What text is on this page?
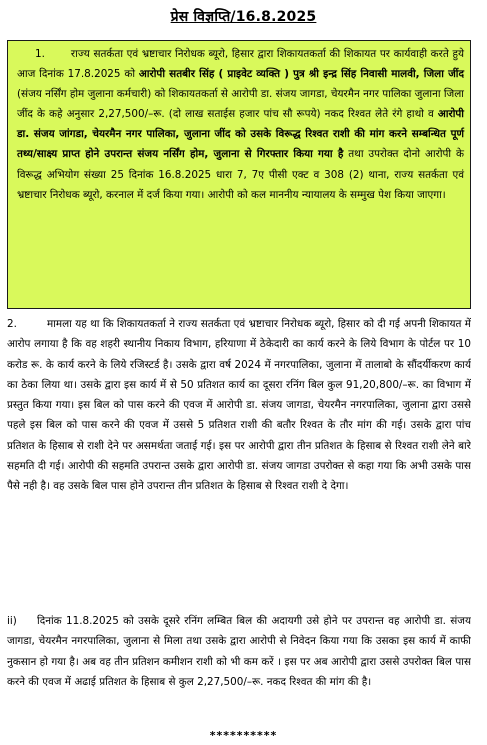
प्रेस विज्ञप्ति/16.8.2025
1.	राज्य सतर्कता एवं भ्रष्टाचार निरोधक ब्यूरो, हिसार द्वारा शिकायतकर्ता की शिकायत पर कार्यवाही करते हुये आज दिनांक 17.8.2025 को आरोपी सतबीर सिंह ( प्राइवेट व्यक्ति ) पुत्र श्री इन्द्र सिंह निवासी मालवी, जिला जींद (संजय नर्सिंग होम जुलाना कर्मचारी) को शिकायतकर्ता से आरोपी डा. संजय जागडा, चेयरमैन नगर पालिका जुलाना जिला जींद के कहे अनुसार 2,27,500/–रू. (दो लाख सताईस हजार पांच सौ रूपये) नकद रिश्वत लेते रंगे हाथो व आरोपी डा. संजय जांगडा, चेयरमैन नगर पालिका, जुलाना जींद को उसके विरूद्ध रिश्वत राशी की मांग करने सम्बन्धित पूर्ण तथ्य/साक्ष्य प्राप्त होने उपरान्त संजय नर्सिंग होम, जुलाना से गिरफ्तार किया गया है तथा उपरोक्त दोनो आरोपी के विरूद्ध अभियोग संख्या 25 दिनांक 16.8.2025 धारा 7, 7ए पीसी एक्ट व 308 (2) थाना, राज्य सतर्कता एवं भ्रष्टाचार निरोधक ब्यूरो, करनाल में दर्ज किया गया। आरोपी को कल माननीय न्यायालय के सम्मुख पेश किया जाएगा।
2.	मामला यह था कि शिकायतकर्ता ने राज्य सतर्कता एवं भ्रष्टाचार निरोधक ब्यूरो, हिसार को दी गई अपनी शिकायत में आरोप लगाया है कि वह शहरी स्थानीय निकाय विभाग, हरियाणा में ठेकेदारी का कार्य करने के लिये विभाग के पोर्टल पर 10 करोड रू. के कार्य करने के लिये रजिस्टर्ड है। उसके द्वारा वर्ष 2024 में नगरपालिका, जुलाना में तालाबो के सौंदर्यीकरण कार्य का ठेका लिया था। उसके द्वारा इस कार्य में से 50 प्रतिशत कार्य का दूसरा रनिंग बिल कुल 91,20,800/–रू. का विभाग में प्रस्तुत किया गया। इस बिल को पास करने की एवज में आरोपी डा. संजय जागडा, चेयरमैन नगरपालिका, जुलाना द्वारा उससे पहले इस बिल को पास करने की एवज में उससे 5 प्रतिशत राशी की बतौर रिश्वत के तौर मांग की गई। उसके द्वारा पांच प्रतिशत के हिसाब से राशी देने पर असमर्थता जताई गई। इस पर आरोपी द्वारा तीन प्रतिशत के हिसाब से रिश्वत राशी लेने बारे सहमति दी गई। आरोपी की सहमति उपरान्त उसके द्वारा आरोपी डा. संजय जागडा उपरोक्त से कहा गया कि अभी उसके पास पैसे नही है। वह उसके बिल पास होने उपरान्त तीन प्रतिशत के हिसाब से रिश्वत राशी दे देगा।
ii) दिनांक 11.8.2025 को उसके दूसरे रनिंग लम्बित बिल की अदायगी उसे होने पर उपरान्त वह आरोपी डा. संजय जागडा, चेयरमैन नगरपालिका, जुलाना से मिला तथा उसके द्वारा आरोपी से निवेदन किया गया कि उसका इस कार्य में काफी नुकसान हो गया है। अब वह तीन प्रतिशन कमीशन राशी को भी कम करें । इस पर अब आरोपी द्वारा उससे उपरोक्त बिल पास करने की एवज में अढाई प्रतिशत के हिसाब से कुल 2,27,500/–रू. नकद रिश्वत की मांग की है।
**********
